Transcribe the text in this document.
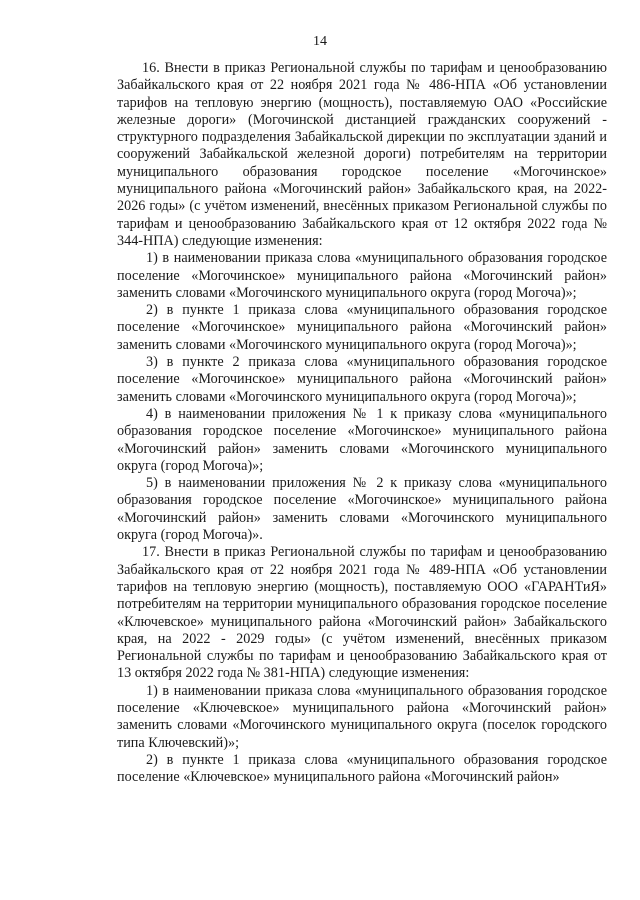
14

16. Внести в приказ Региональной службы по тарифам и ценообразованию Забайкальского края от 22 ноября 2021 года № 486-НПА «Об установлении тарифов на тепловую энергию (мощность), поставляемую ОАО «Российские железные дороги» (Могочинской дистанцией гражданских сооружений - структурного подразделения Забайкальской дирекции по эксплуатации зданий и сооружений Забайкальской железной дороги) потребителям на территории муниципального образования городское поселение «Могочинское» муниципального района «Могочинский район» Забайкальского края, на 2022-2026 годы» (с учётом изменений, внесённых приказом Региональной службы по тарифам и ценообразованию Забайкальского края от 12 октября 2022 года № 344-НПА) следующие изменения:

1) в наименовании приказа слова «муниципального образования городское поселение «Могочинское» муниципального района «Могочинский район» заменить словами «Могочинского муниципального округа (город Могоча)»;

2) в пункте 1 приказа слова «муниципального образования городское поселение «Могочинское» муниципального района «Могочинский район» заменить словами «Могочинского муниципального округа (город Могоча)»;

3) в пункте 2 приказа слова «муниципального образования городское поселение «Могочинское» муниципального района «Могочинский район» заменить словами «Могочинского муниципального округа (город Могоча)»;

4) в наименовании приложения № 1 к приказу слова «муниципального образования городское поселение «Могочинское» муниципального района «Могочинский район» заменить словами «Могочинского муниципального округа (город Могоча)»;

5) в наименовании приложения № 2 к приказу слова «муниципального образования городское поселение «Могочинское» муниципального района «Могочинский район» заменить словами «Могочинского муниципального округа (город Могоча)».

17. Внести в приказ Региональной службы по тарифам и ценообразованию Забайкальского края от 22 ноября 2021 года № 489-НПА «Об установлении тарифов на тепловую энергию (мощность), поставляемую ООО «ГАРАНТиЯ» потребителям на территории муниципального образования городское поселение «Ключевское» муниципального района «Могочинский район» Забайкальского края, на 2022 - 2029 годы» (с учётом изменений, внесённых приказом Региональной службы по тарифам и ценообразованию Забайкальского края от 13 октября 2022 года № 381-НПА) следующие изменения:

1) в наименовании приказа слова «муниципального образования городское поселение «Ключевское» муниципального района «Могочинский район» заменить словами «Могочинского муниципального округа (поселок городского типа Ключевский)»;

2) в пункте 1 приказа слова «муниципального образования городское поселение «Ключевское» муниципального района «Могочинский район»
